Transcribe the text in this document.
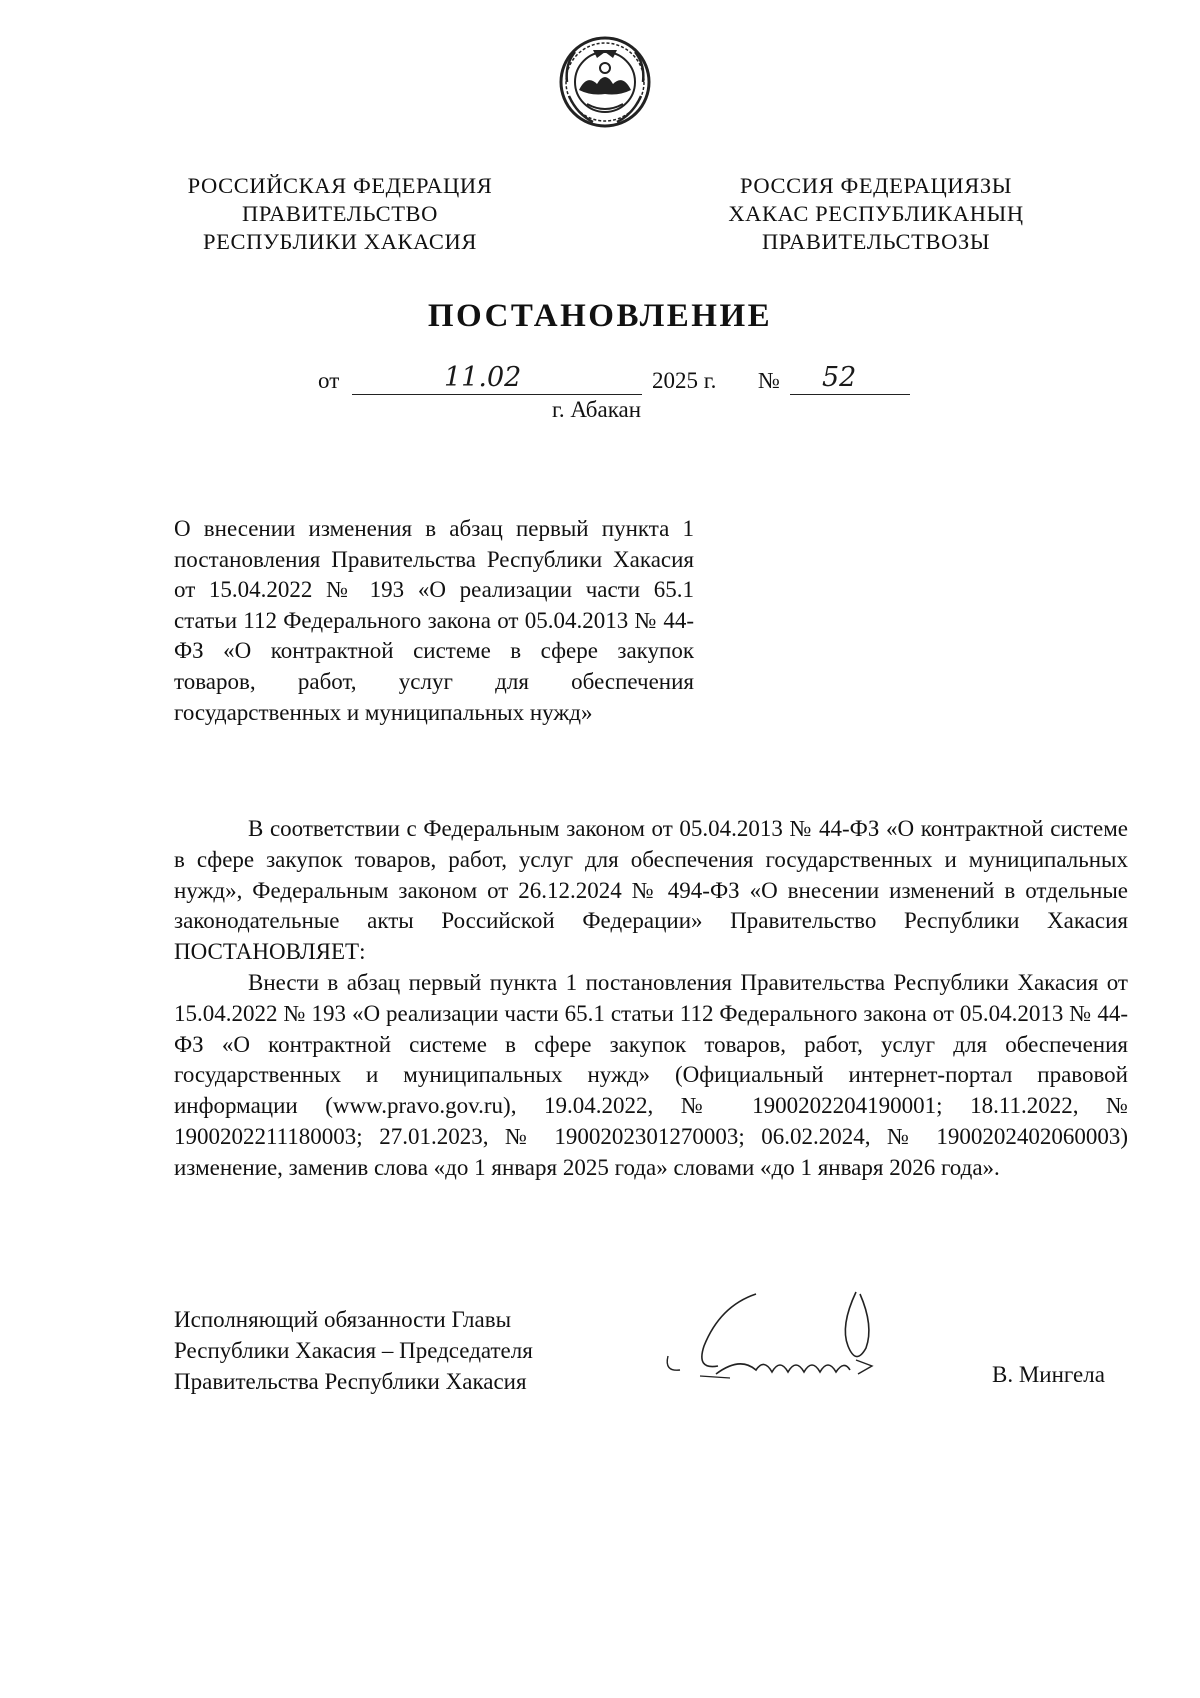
РОССИЙСКАЯ ФЕДЕРАЦИЯ
ПРАВИТЕЛЬСТВО
РЕСПУБЛИКИ ХАКАСИЯ
РОССИЯ ФЕДЕРАЦИЯЗЫ
ХАКАС РЕСПУБЛИКАНЫҢ
ПРАВИТЕЛЬСТВОЗЫ
ПОСТАНОВЛЕНИЕ
от	11.02	2025 г. № 52

г. Абакан

О внесении изменения в абзац первый пункта 1 постановления Правительства Республики Хакасия от 15.04.2022 № 193 «О реализации части 65.1 статьи 112 Федерального закона от 05.04.2013 № 44-ФЗ «О контрактной системе в сфере закупок товаров, работ, услуг для обеспечения государственных и муниципальных нужд»

В соответствии с Федеральным законом от 05.04.2013 № 44-ФЗ «О контрактной системе в сфере закупок товаров, работ, услуг для обеспечения государственных и муниципальных нужд», Федеральным законом от 26.12.2024 № 494-ФЗ «О внесении изменений в отдельные законодательные акты Российской Федерации» Правительство Республики Хакасия ПОСТАНОВЛЯЕТ:

Внести в абзац первый пункта 1 постановления Правительства Республики Хакасия от 15.04.2022 № 193 «О реализации части 65.1 статьи 112 Федерального закона от 05.04.2013 № 44-ФЗ «О контрактной системе в сфере закупок товаров, работ, услуг для обеспечения государственных и муниципальных нужд» (Официальный интернет-портал правовой информации (www.pravo.gov.ru), 19.04.2022, № 1900202204190001; 18.11.2022, № 1900202211180003; 27.01.2023, № 1900202301270003; 06.02.2024, № 1900202402060003) изменение, заменив слова «до 1 января 2025 года» словами «до 1 января 2026 года».

Исполняющий обязанности Главы
Республики Хакасия – Председателя
Правительства Республики Хакасия	В. Мингела
